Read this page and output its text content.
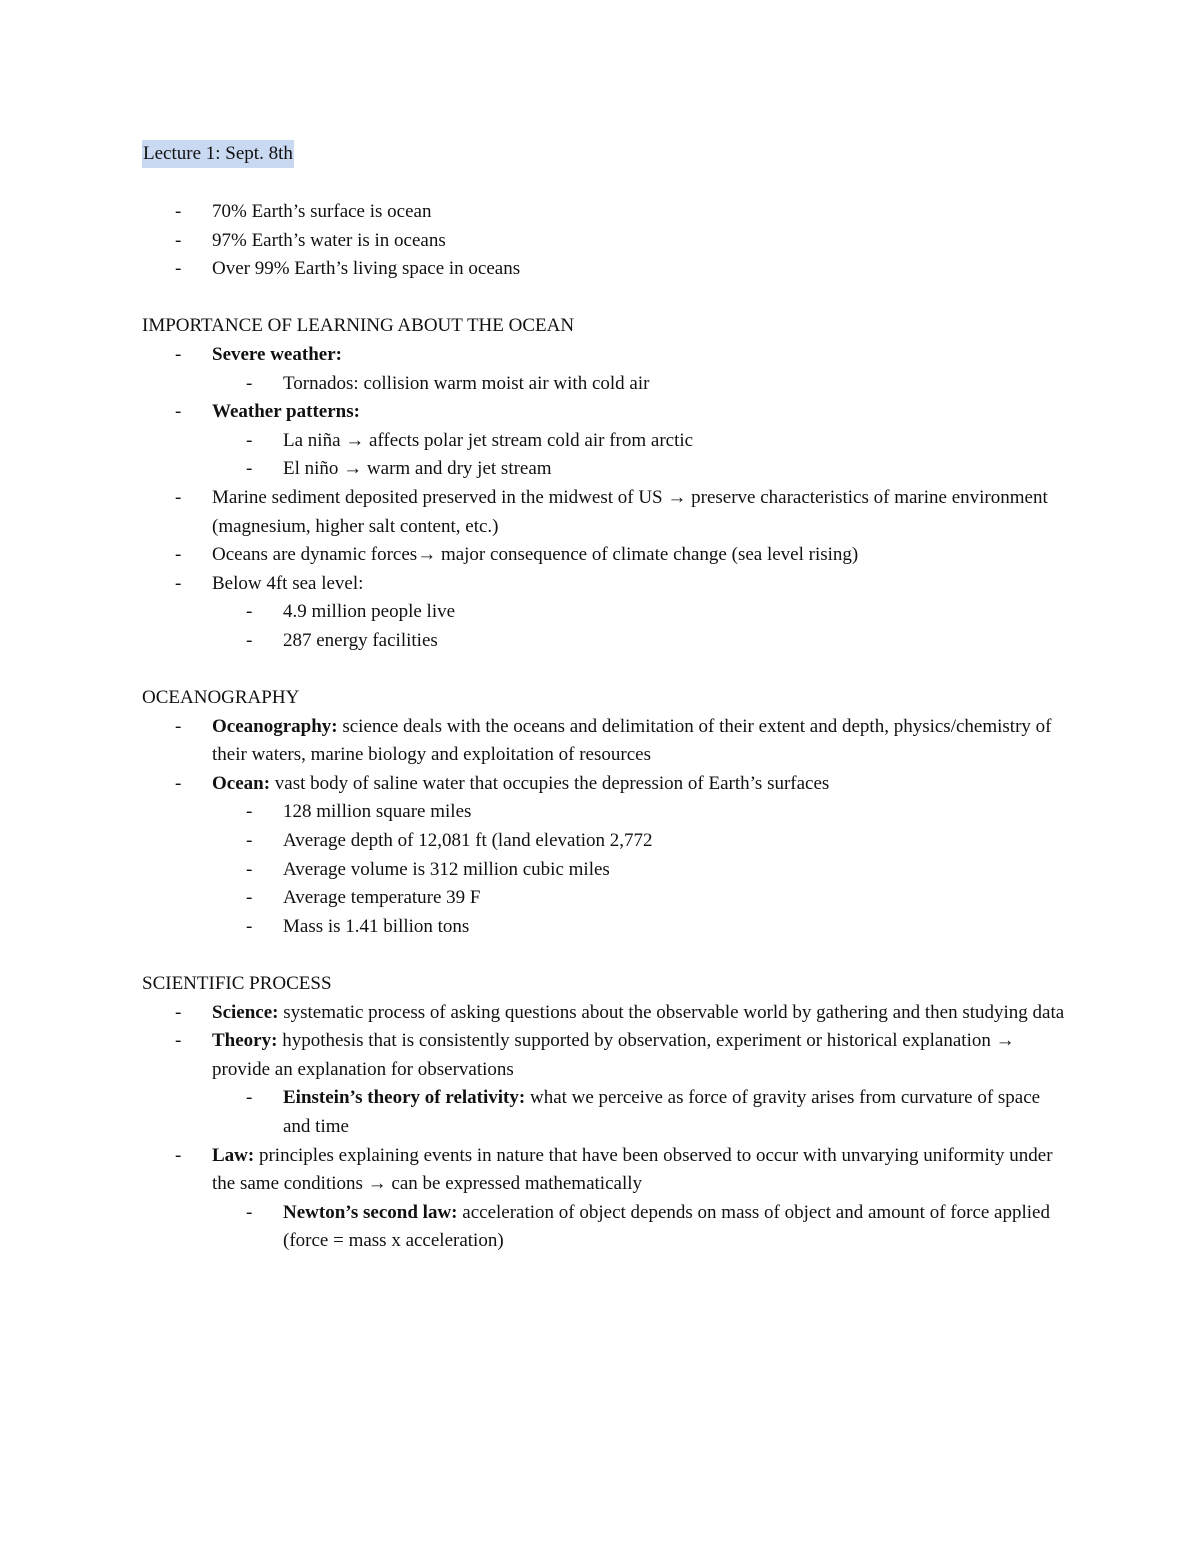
Lecture 1: Sept. 8th
- 70% Earth’s surface is ocean
- 97% Earth’s water is in oceans
- Over 99% Earth’s living space in oceans
IMPORTANCE OF LEARNING ABOUT THE OCEAN
- Severe weather:
- Tornados: collision warm moist air with cold air
- Weather patterns:
- La niña → affects polar jet stream cold air from arctic
- El niño → warm and dry jet stream
- Marine sediment deposited preserved in the midwest of US → preserve characteristics of marine environment (magnesium, higher salt content, etc.)
- Oceans are dynamic forces→ major consequence of climate change (sea level rising)
- Below 4ft sea level:
- 4.9 million people live
- 287 energy facilities
OCEANOGRAPHY
- Oceanography: science deals with the oceans and delimitation of their extent and depth, physics/chemistry of their waters, marine biology and exploitation of resources
- Ocean: vast body of saline water that occupies the depression of Earth’s surfaces
- 128 million square miles
- Average depth of 12,081 ft (land elevation 2,772
- Average volume is 312 million cubic miles
- Average temperature 39 F
- Mass is 1.41 billion tons
SCIENTIFIC PROCESS
- Science: systematic process of asking questions about the observable world by gathering and then studying data
- Theory: hypothesis that is consistently supported by observation, experiment or historical explanation → provide an explanation for observations
- Einstein’s theory of relativity: what we perceive as force of gravity arises from curvature of space and time
- Law: principles explaining events in nature that have been observed to occur with unvarying uniformity under the same conditions → can be expressed mathematically
- Newton’s second law: acceleration of object depends on mass of object and amount of force applied (force = mass x acceleration)
